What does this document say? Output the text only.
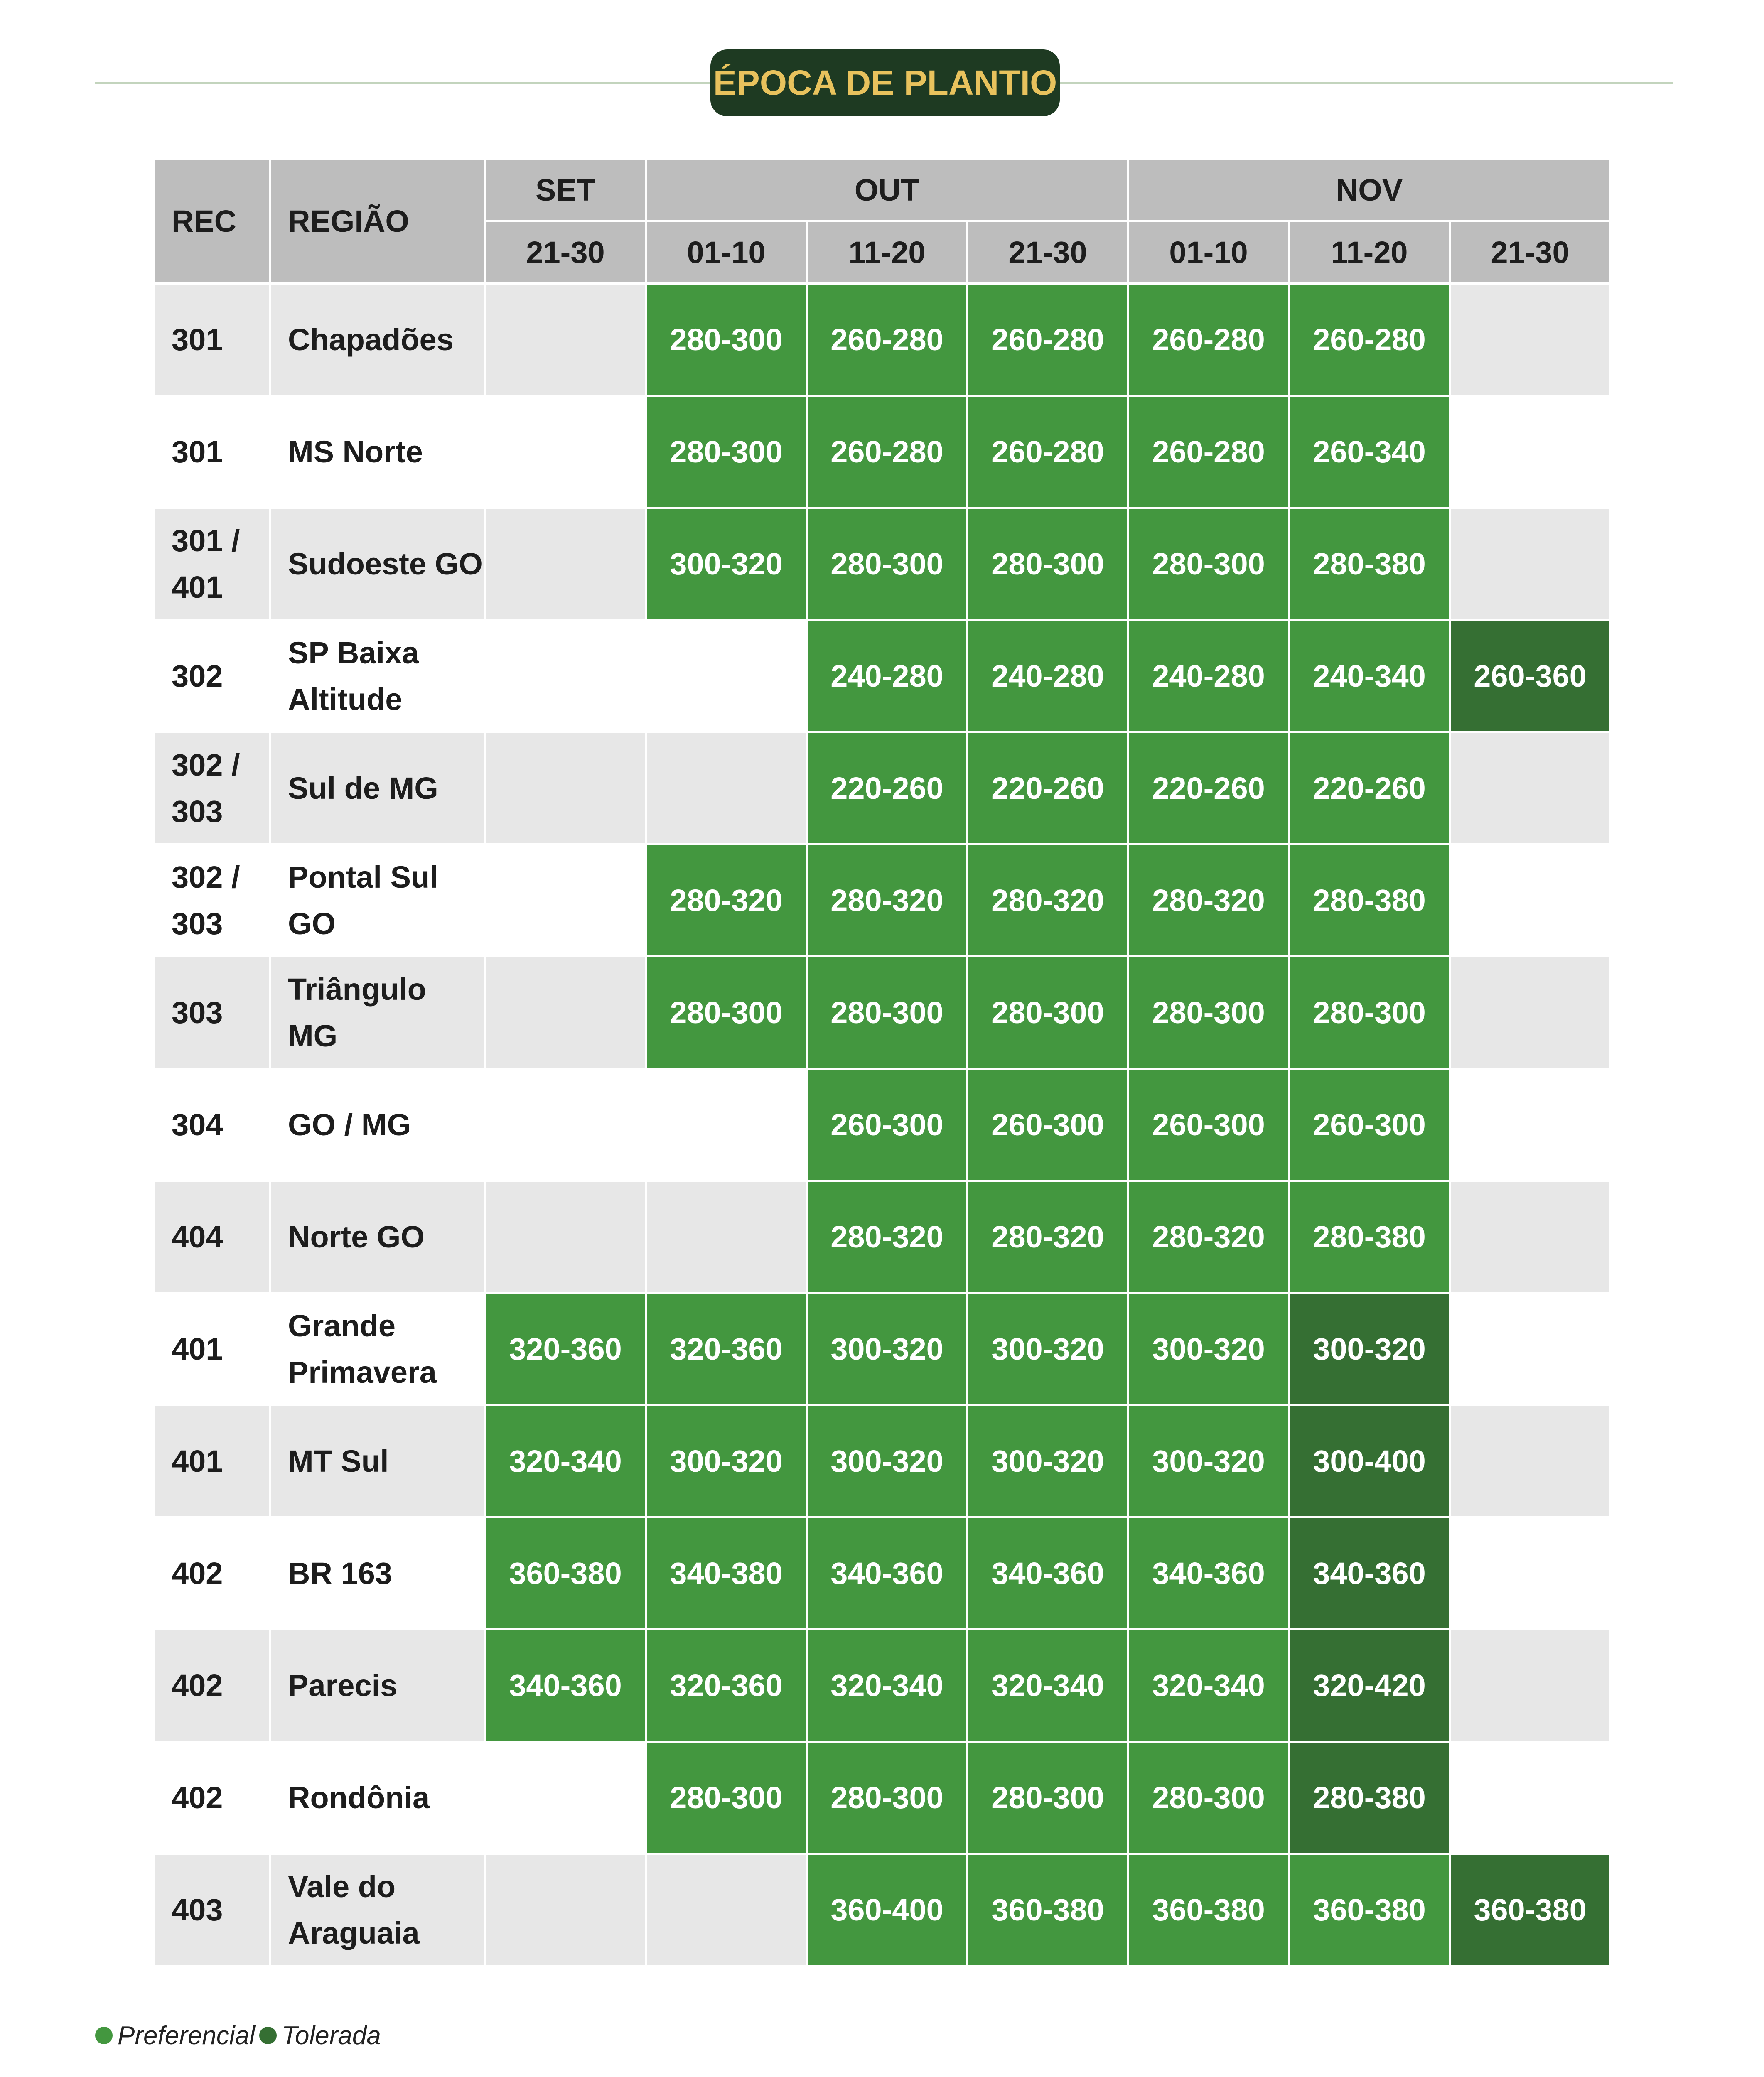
ÉPOCA DE PLANTIO
REC	REGIÃO	SET	OUT			NOV		
		21-30	01-10	11-20	21-30	01-10	11-20	21-30
301	Chapadões		280-300	260-280	260-280	260-280	260-280	
301	MS Norte		280-300	260-280	260-280	260-280	260-340	
301 / 401	Sudoeste GO		300-320	280-300	280-300	280-300	280-380	
302	SP Baixa Altitude			240-280	240-280	240-280	240-340	260-360
302 / 303	Sul de MG			220-260	220-260	220-260	220-260	
302 / 303	Pontal Sul GO		280-320	280-320	280-320	280-320	280-380	
303	Triângulo MG		280-300	280-300	280-300	280-300	280-300	
304	GO / MG			260-300	260-300	260-300	260-300	
404	Norte GO			280-320	280-320	280-320	280-380	
401	Grande Primavera	320-360	320-360	300-320	300-320	300-320	300-320	
401	MT Sul	320-340	300-320	300-320	300-320	300-320	300-400	
402	BR 163	360-380	340-380	340-360	340-360	340-360	340-360	
402	Parecis	340-360	320-360	320-340	320-340	320-340	320-420	
402	Rondônia		280-300	280-300	280-300	280-300	280-380	
403	Vale do Araguaia			360-400	360-380	360-380	360-380	360-380
Preferencial Tolerada
